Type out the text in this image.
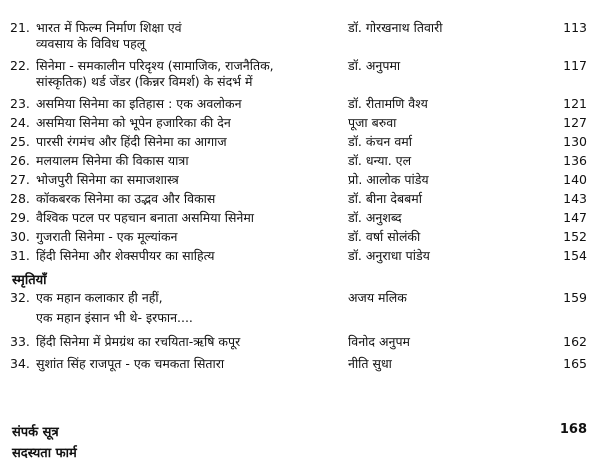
21. भारत में फिल्म निर्माण शिक्षा एवं
व्यवसाय के विविध पहलू
डॉ. गोरखनाथ तिवारी	113
22. सिनेमा - समकालीन परिदृश्य (सामाजिक, राजनैतिक,
सांस्कृतिक) थर्ड जेंडर (किन्नर विमर्श) के संदर्भ में
डॉ. अनुपमा	117
23. असमिया सिनेमा का इतिहास : एक अवलोकन	डॉ. रीतामणि वैश्य	121
24. असमिया सिनेमा को भूपेन हजारिका की देन	पूजा बरुवा	127
25. पारसी रंगमंच और हिंदी सिनेमा का आगाज	डॉ. कंचन वर्मा	130
26. मलयालम सिनेमा की विकास यात्रा	डॉ. धन्या. एल	136
27. भोजपुरी सिनेमा का समाजशास्त्र	प्रो. आलोक पांडेय	140
28. कॉकबरक सिनेमा का उद्भव और विकास	डॉ. बीना देबबर्मा	143
29. वैश्विक पटल पर पहचान बनाता असमिया सिनेमा	डॉ. अनुशब्द	147
30. गुजराती सिनेमा - एक मूल्यांकन	डॉ. वर्षा सोलंकी	152
31. हिंदी सिनेमा और शेक्सपीयर का साहित्य	डॉ. अनुराधा पांडेय	154
स्मृतियाँ
32. एक महान कलाकार ही नहीं,
एक महान इंसान भी थे- इरफान....
अजय मलिक	159
33. हिंदी सिनेमा में प्रेमग्रंथ का रचयिता-ऋषि कपूर	विनोद अनुपम	162
34. सुशांत सिंह राजपूत - एक चमकता सितारा	नीति सुधा	165
संपर्क सूत्र	168
सदस्यता फार्म
